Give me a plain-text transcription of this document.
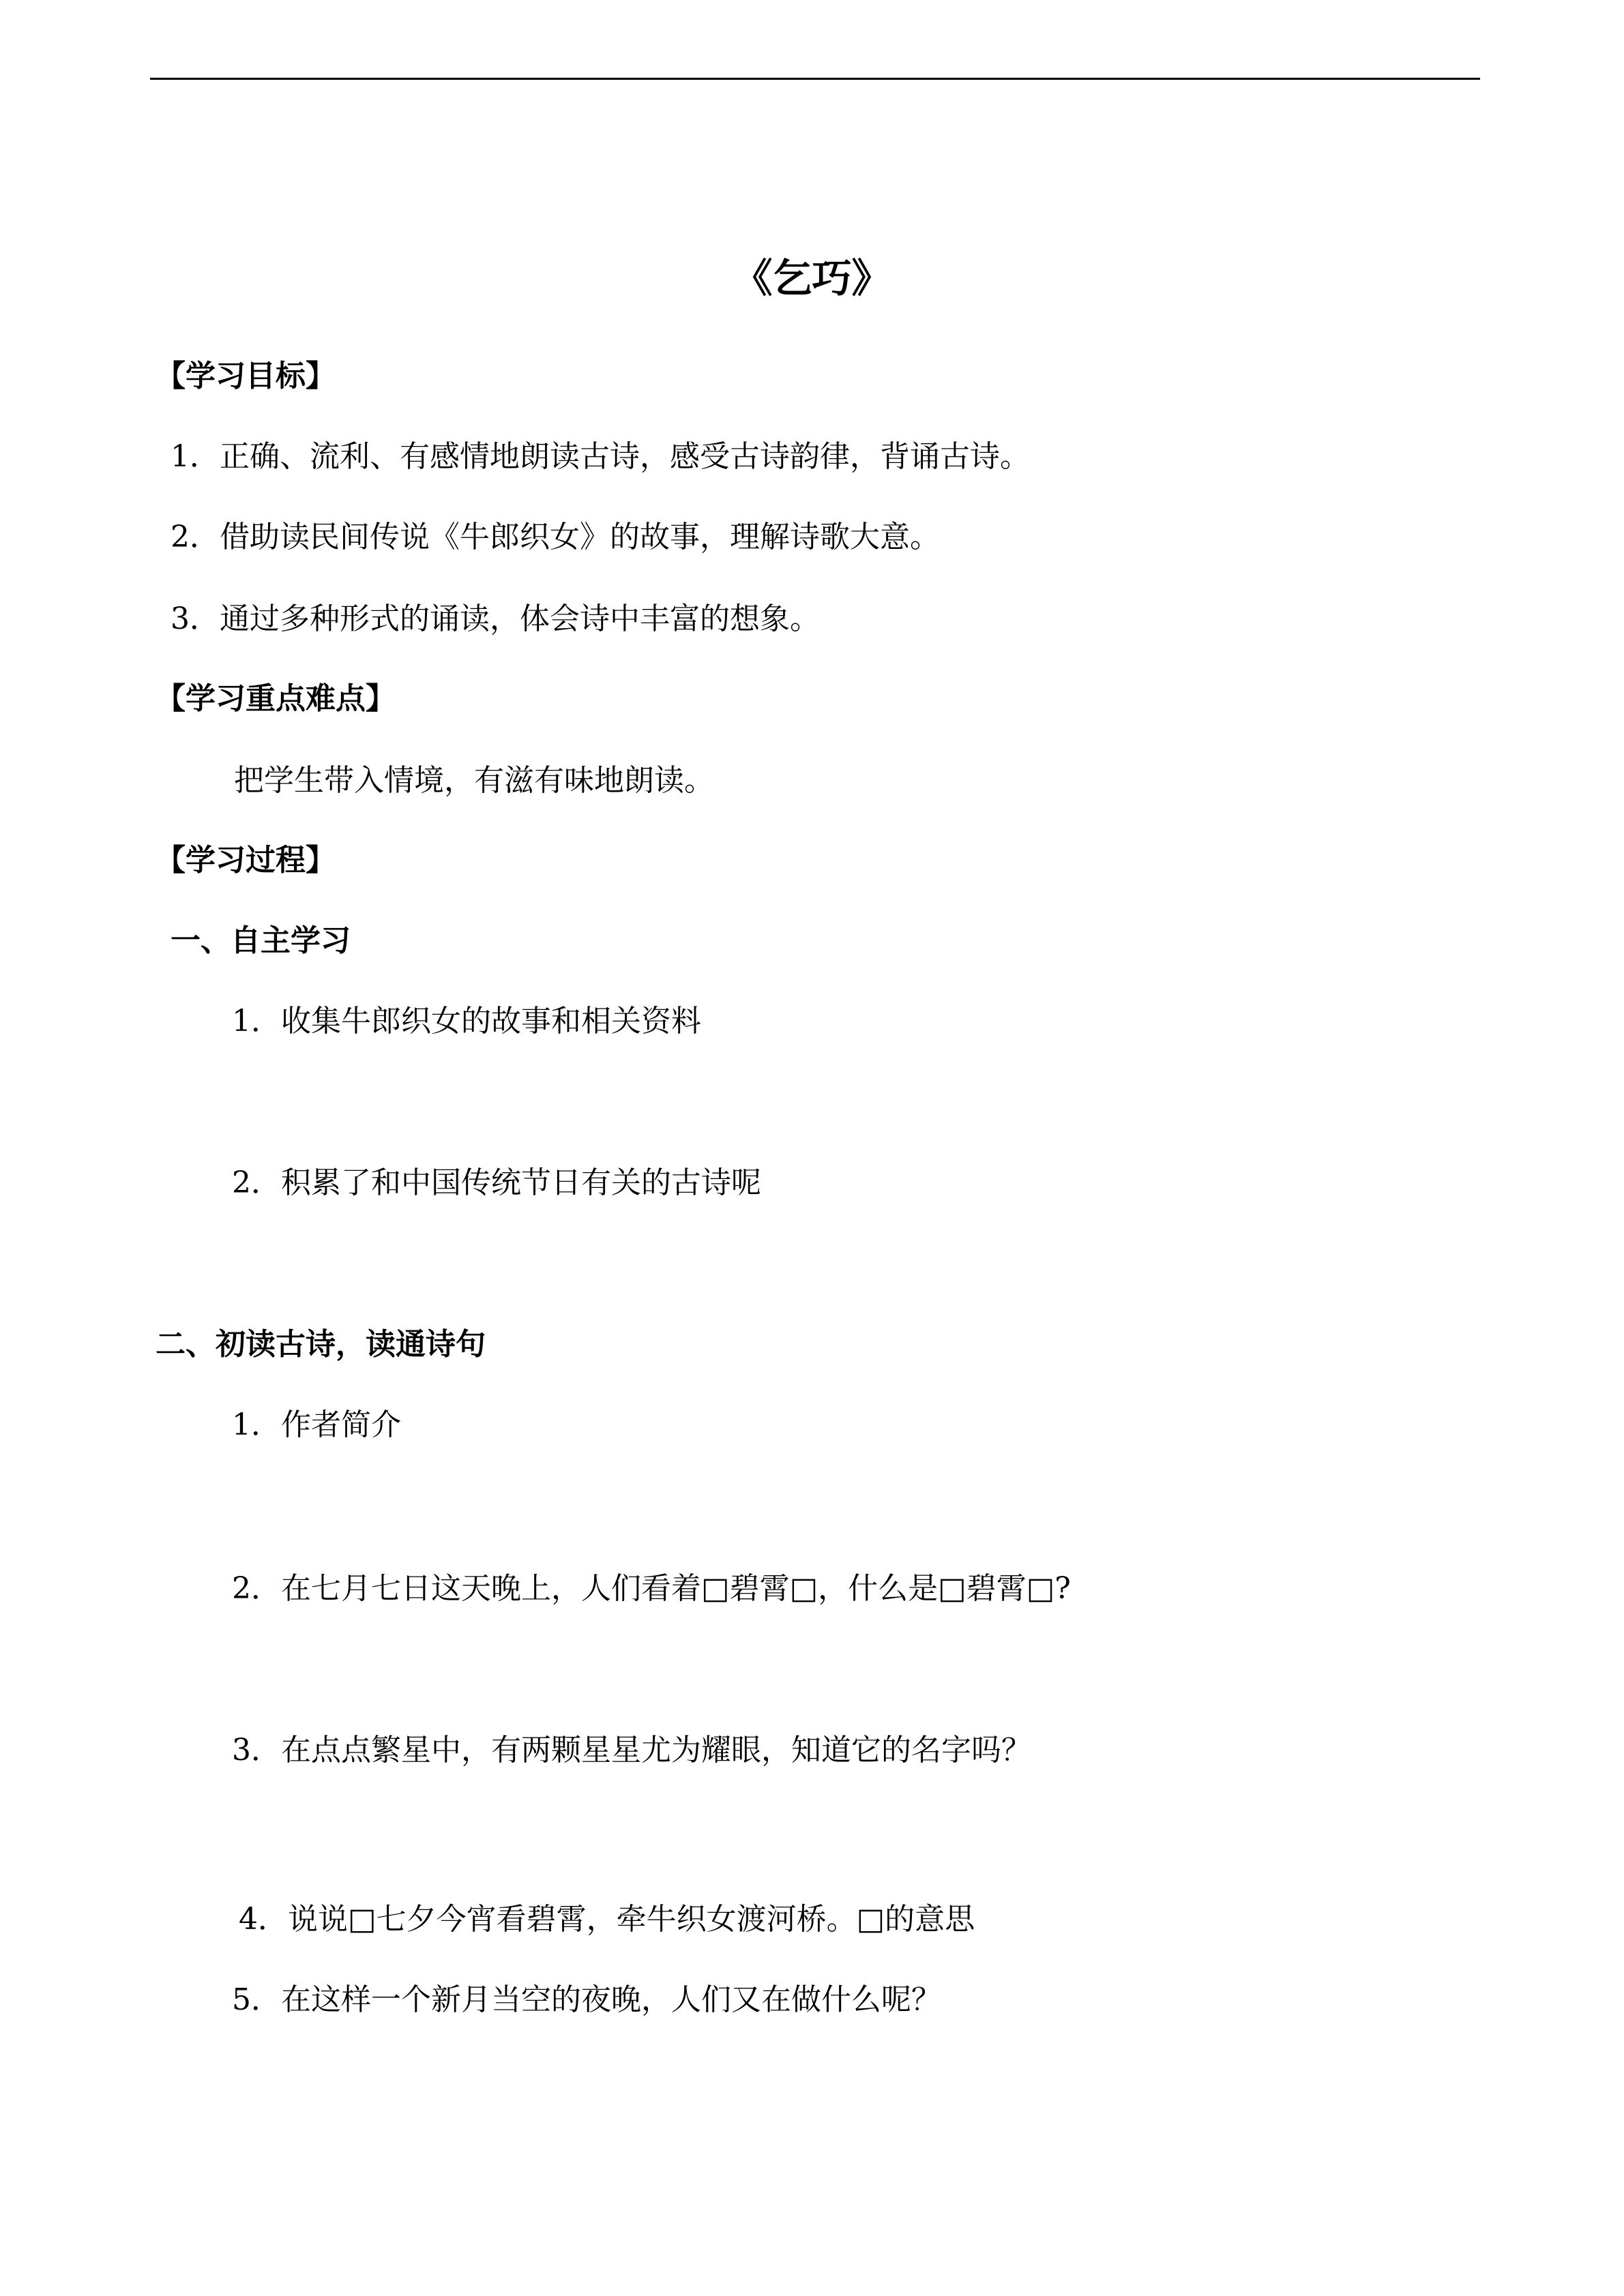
《乞巧》
【学习目标】
1．正确、流利、有感情地朗读古诗，感受古诗韵律，背诵古诗。
2．借助读民间传说《牛郎织女》的故事，理解诗歌大意。
3．通过多种形式的诵读，体会诗中丰富的想象。
【学习重点难点】
把学生带入情境，有滋有味地朗读。
【学习过程】
一、自主学习
1．收集牛郎织女的故事和相关资料
2．积累了和中国传统节日有关的古诗呢
二、初读古诗，读通诗句
1．作者简介
2．在七月七日这天晚上，人们看着□碧霄□，什么是□碧霄□?
3．在点点繁星中，有两颗星星尤为耀眼，知道它的名字吗？
4．说说□七夕今宵看碧霄，牵牛织女渡河桥。□的意思
5．在这样一个新月当空的夜晚，人们又在做什么呢？
